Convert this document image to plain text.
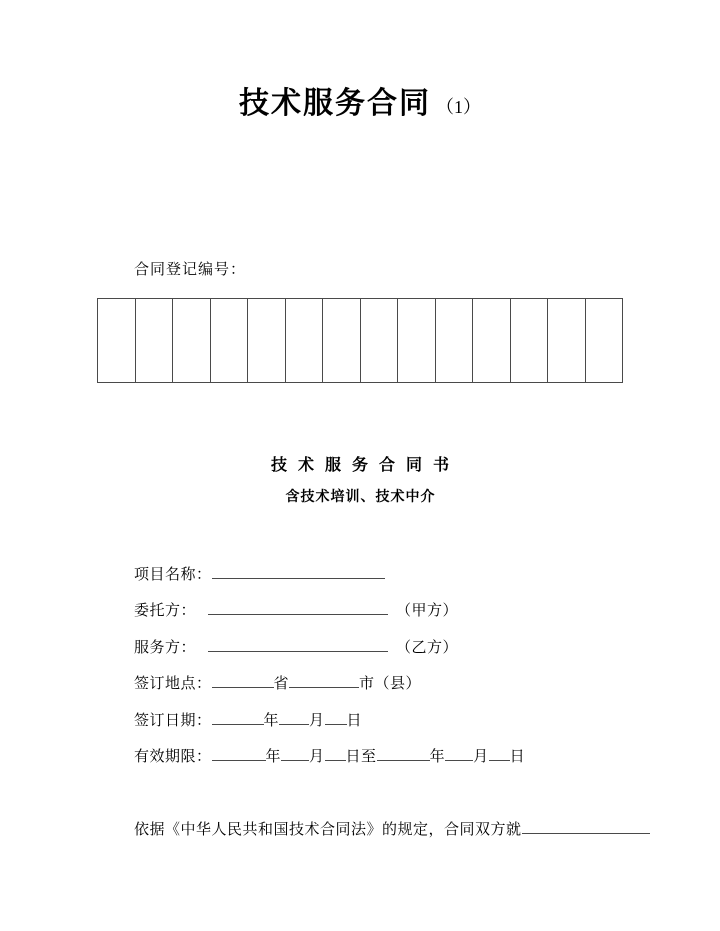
技术服务合同 （1）
合同登记编号：
技术服务合同书
含技术培训、技术中介
项目名称：
委托方：	（甲方）
服务方：	（乙方）
签订地点：	省	市（县）
签订日期：	年 月 日
有效期限：	年 月 日至	年 月 日
依据《中华人民共和国技术合同法》的规定，合同双方就
